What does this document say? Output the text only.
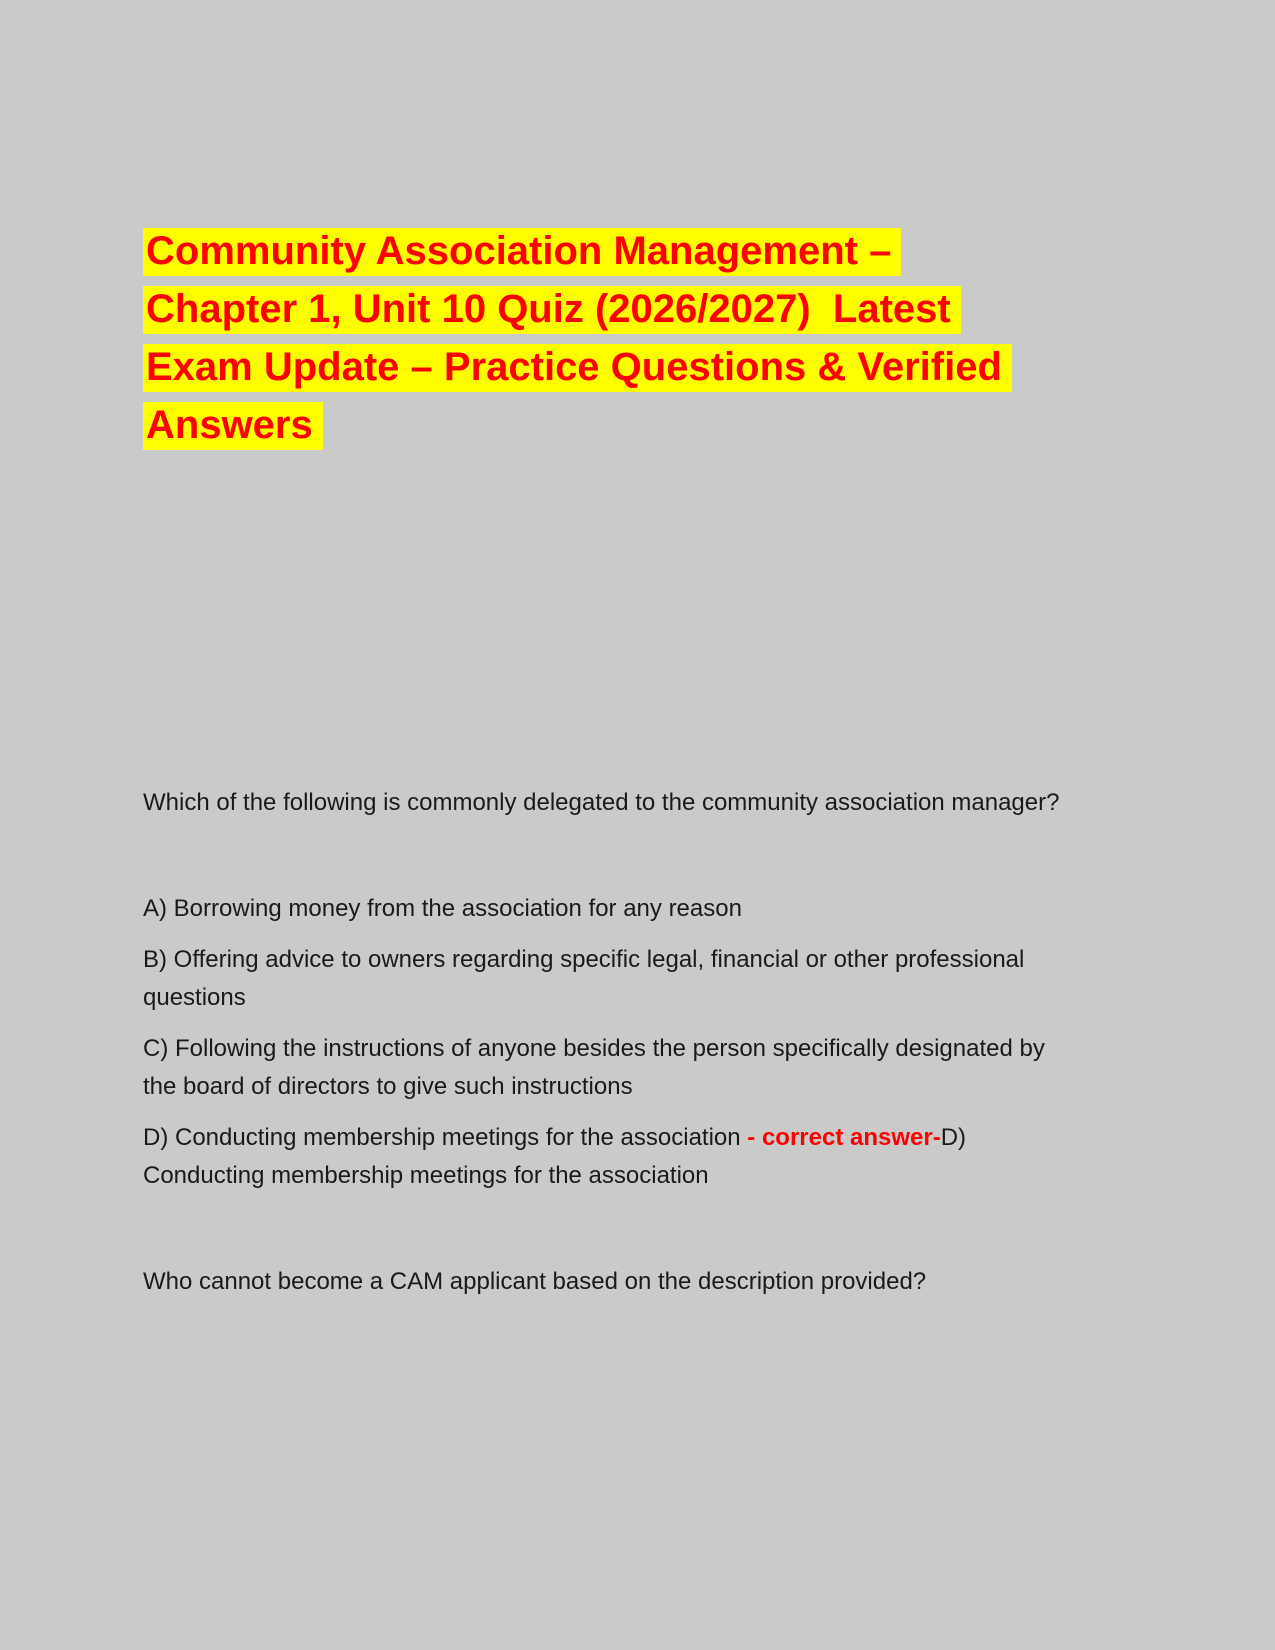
Community Association Management –
Chapter 1, Unit 10 Quiz (2026/2027)  Latest
Exam Update – Practice Questions & Verified
Answers

Which of the following is commonly delegated to the community association manager?

A) Borrowing money from the association for any reason

B) Offering advice to owners regarding specific legal, financial or other professional questions

C) Following the instructions of anyone besides the person specifically designated by the board of directors to give such instructions

D) Conducting membership meetings for the association - correct answer-D) Conducting membership meetings for the association

Who cannot become a CAM applicant based on the description provided?
